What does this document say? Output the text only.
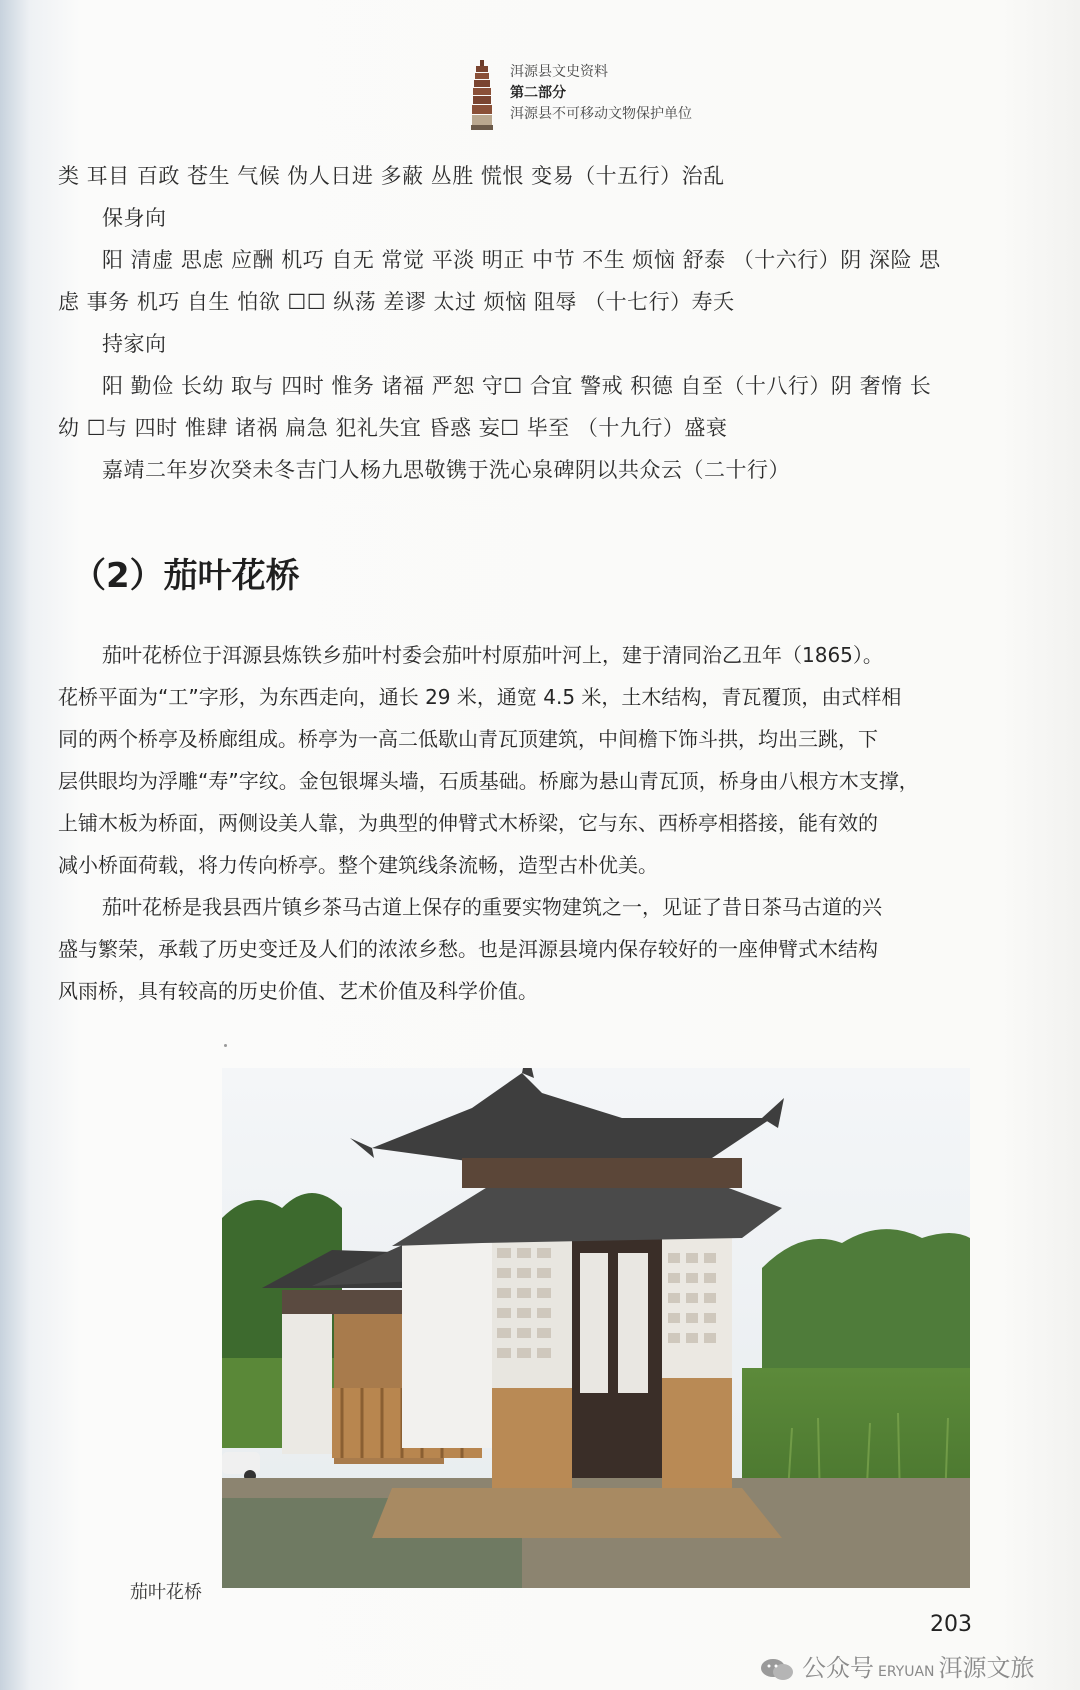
洱源县文史资料
第二部分
洱源县不可移动文物保护单位
类 耳目 百政 苍生 气候 伪人日进 多蔽 丛胜 慌恨 变易（十五行）治乱
保身向
阳 清虚 思虑 应酬 机巧 自无 常觉 平淡 明正 中节 不生 烦恼 舒泰 （十六行）阴 深险 思
虑 事务 机巧 自生 怕欲 ☐☐ 纵荡 差谬 太过 烦恼 阻辱 （十七行）寿夭
持家向
阳 勤俭 长幼 取与 四时 惟务 诸福 严恕 守☐ 合宜 警戒 积德 自至（十八行）阴 奢惰 长
幼 ☐与 四时 惟肆 诸祸 扁急 犯礼失宜 昏惑 妄☐ 毕至 （十九行）盛衰
嘉靖二年岁次癸未冬吉门人杨九思敬镌于洗心泉碑阴以共众云（二十行）
（2）茄叶花桥
茄叶花桥位于洱源县炼铁乡茄叶村委会茄叶村原茄叶河上，建于清同治乙丑年（1865）。
花桥平面为“工”字形，为东西走向，通长 29 米，通宽 4.5 米，土木结构，青瓦覆顶，由式样相
同的两个桥亭及桥廊组成。桥亭为一高二低歇山青瓦顶建筑，中间檐下饰斗拱，均出三跳，下
层供眼均为浮雕“寿”字纹。金包银墀头墙，石质基础。桥廊为悬山青瓦顶，桥身由八根方木支撑，
上铺木板为桥面，两侧设美人靠，为典型的伸臂式木桥梁，它与东、西桥亭相搭接，能有效的
减小桥面荷载，将力传向桥亭。整个建筑线条流畅，造型古朴优美。
茄叶花桥是我县西片镇乡茶马古道上保存的重要实物建筑之一，见证了昔日茶马古道的兴
盛与繁荣，承载了历史变迁及人们的浓浓乡愁。也是洱源县境内保存较好的一座伸臂式木结构
风雨桥，具有较高的历史价值、艺术价值及科学价值。
茄叶花桥
203
公众号 ERYUAN 洱源文旅
